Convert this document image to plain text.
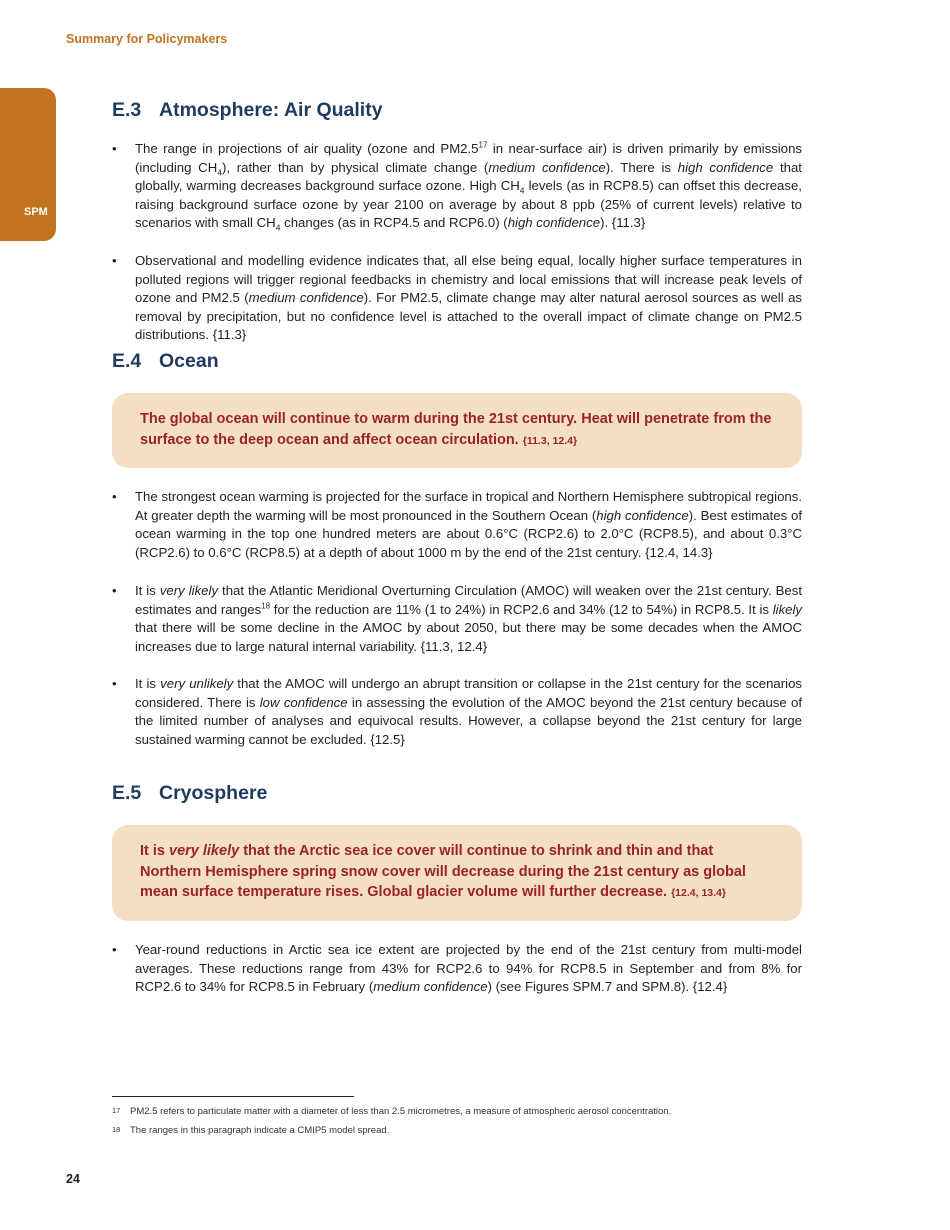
Summary for Policymakers
SPM
E.3 Atmosphere: Air Quality
• The range in projections of air quality (ozone and $PM2.5^{17}$ in near-surface air) is driven primarily by emissions (including $CH_4$), rather than by physical climate change (medium confidence). There is high confidence that globally, warming decreases background surface ozone. High $CH_4$ levels (as in RCP8.5) can offset this decrease, raising background surface ozone by year 2100 on average by about 8 ppb (25% of current levels) relative to scenarios with small $CH_4$ changes (as in RCP4.5 and RCP6.0) (high confidence). {11.3}
• Observational and modelling evidence indicates that, all else being equal, locally higher surface temperatures in polluted regions will trigger regional feedbacks in chemistry and local emissions that will increase peak levels of ozone and PM2.5 (medium confidence). For PM2.5, climate change may alter natural aerosol sources as well as removal by precipitation, but no confidence level is attached to the overall impact of climate change on PM2.5 distributions. {11.3}
E.4 Ocean
The global ocean will continue to warm during the 21st century. Heat will penetrate from the surface to the deep ocean and affect ocean circulation. {11.3, 12.4}
• The strongest ocean warming is projected for the surface in tropical and Northern Hemisphere subtropical regions. At greater depth the warming will be most pronounced in the Southern Ocean (high confidence). Best estimates of ocean warming in the top one hundred meters are about 0.6°C (RCP2.6) to 2.0°C (RCP8.5), and about 0.3°C (RCP2.6) to 0.6°C (RCP8.5) at a depth of about 1000 m by the end of the 21st century. {12.4, 14.3}
• It is very likely that the Atlantic Meridional Overturning Circulation (AMOC) will weaken over the 21st century. Best estimates and ranges$^{18}$ for the reduction are 11% (1 to 24%) in RCP2.6 and 34% (12 to 54%) in RCP8.5. It is likely that there will be some decline in the AMOC by about 2050, but there may be some decades when the AMOC increases due to large natural internal variability. {11.3, 12.4}
• It is very unlikely that the AMOC will undergo an abrupt transition or collapse in the 21st century for the scenarios considered. There is low confidence in assessing the evolution of the AMOC beyond the 21st century because of the limited number of analyses and equivocal results. However, a collapse beyond the 21st century for large sustained warming cannot be excluded. {12.5}
E.5 Cryosphere
It is very likely that the Arctic sea ice cover will continue to shrink and thin and that Northern Hemisphere spring snow cover will decrease during the 21st century as global mean surface temperature rises. Global glacier volume will further decrease. {12.4, 13.4}
• Year-round reductions in Arctic sea ice extent are projected by the end of the 21st century from multi-model averages. These reductions range from 43% for RCP2.6 to 94% for RCP8.5 in September and from 8% for RCP2.6 to 34% for RCP8.5 in February (medium confidence) (see Figures SPM.7 and SPM.8). {12.4}
17 PM2.5 refers to particulate matter with a diameter of less than 2.5 micrometres, a measure of atmospheric aerosol concentration.
18 The ranges in this paragraph indicate a CMIP5 model spread.
24
